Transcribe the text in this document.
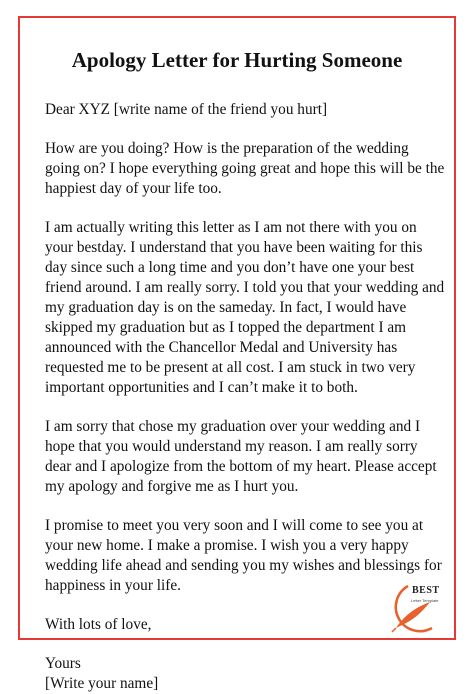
Apology Letter for Hurting Someone

Dear XYZ [write name of the friend you hurt]

How are you doing? How is the preparation of the wedding going on? I hope everything going great and hope this will be the happiest day of your life too.

I am actually writing this letter as I am not there with you on your bestday. I understand that you have been waiting for this day since such a long time and you don’t have one your best friend around. I am really sorry. I told you that your wedding and my graduation day is on the sameday. In fact, I would have skipped my graduation but as I topped the department I am announced with the Chancellor Medal and University has requested me to be present at all cost. I am stuck in two very important opportunities and I can’t make it to both.

I am sorry that chose my graduation over your wedding and I hope that you would understand my reason. I am really sorry dear and I apologize from the bottom of my heart. Please accept my apology and forgive me as I hurt you.

I promise to meet you very soon and I will come to see you at your new home. I make a promise. I wish you a very happy wedding life ahead and sending you my wishes and blessings for happiness in your life.

With lots of love,

Yours

[Write your name]

BEST
Letter Template
